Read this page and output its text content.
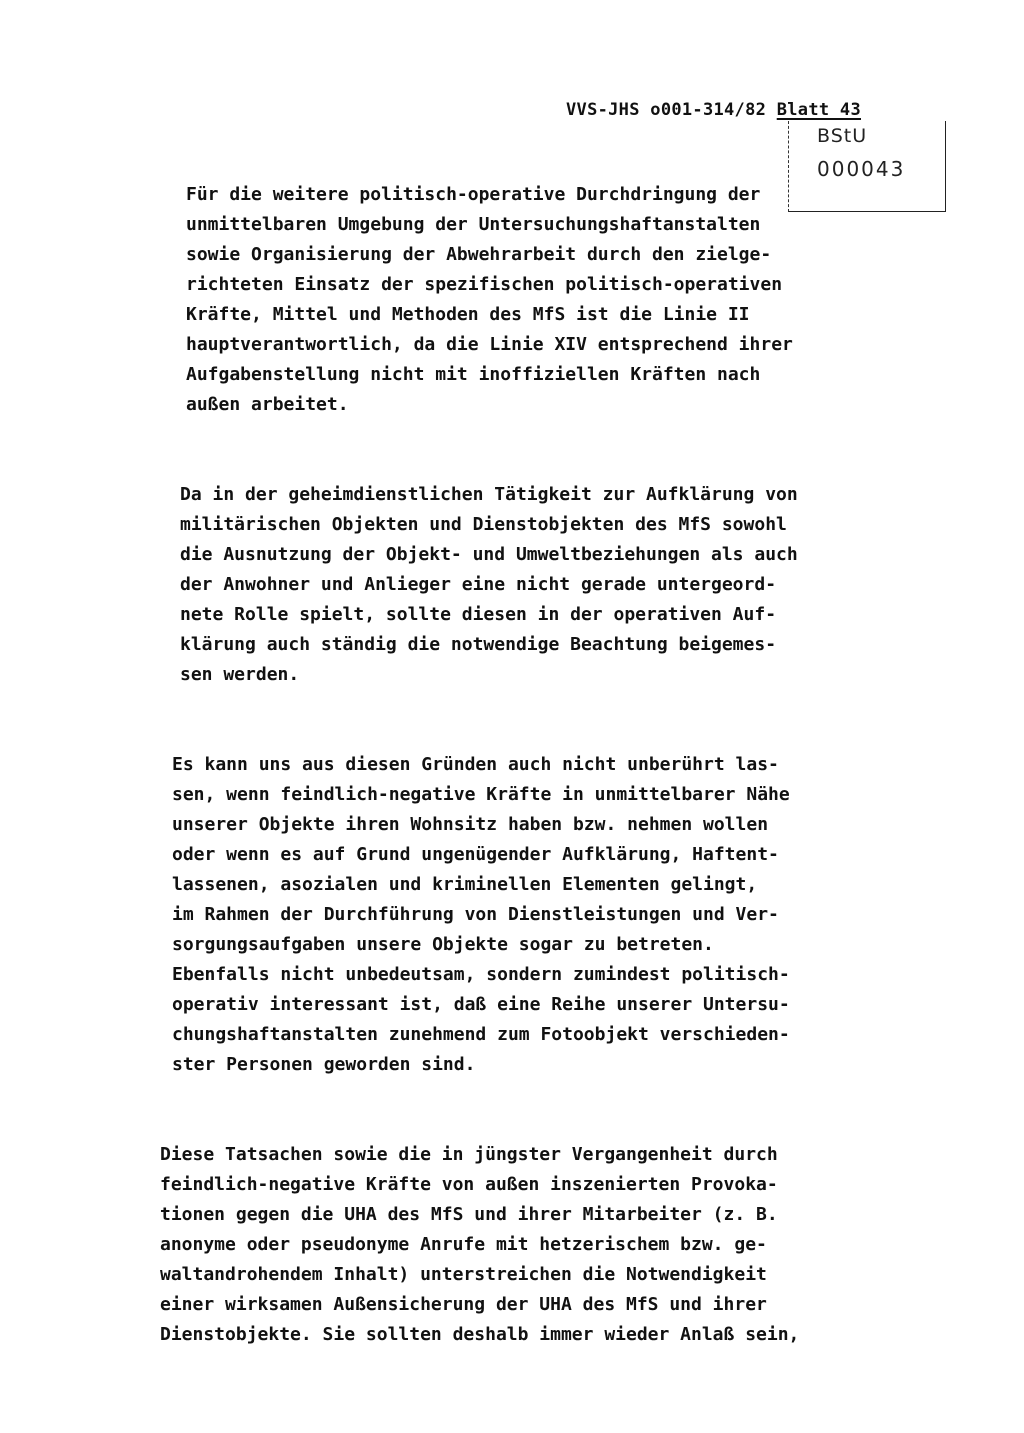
VVS-JHS o001-314/82 Blatt 43
BStU
000043
Für die weitere politisch-operative Durchdringung der
unmittelbaren Umgebung der Untersuchungshaftanstalten
sowie Organisierung der Abwehrarbeit durch den zielge-
richteten Einsatz der spezifischen politisch-operativen
Kräfte, Mittel und Methoden des MfS ist die Linie II
hauptverantwortlich, da die Linie XIV entsprechend ihrer
Aufgabenstellung nicht mit inoffiziellen Kräften nach
außen arbeitet.
Da in der geheimdienstlichen Tätigkeit zur Aufklärung von
militärischen Objekten und Dienstobjekten des MfS sowohl
die Ausnutzung der Objekt- und Umweltbeziehungen als auch
der Anwohner und Anlieger eine nicht gerade untergeord-
nete Rolle spielt, sollte diesen in der operativen Auf-
klärung auch ständig die notwendige Beachtung beigemes-
sen werden.
Es kann uns aus diesen Gründen auch nicht unberührt las-
sen, wenn feindlich-negative Kräfte in unmittelbarer Nähe
unserer Objekte ihren Wohnsitz haben bzw. nehmen wollen
oder wenn es auf Grund ungenügender Aufklärung, Haftent-
lassenen, asozialen und kriminellen Elementen gelingt,
im Rahmen der Durchführung von Dienstleistungen und Ver-
sorgungsaufgaben unsere Objekte sogar zu betreten.
Ebenfalls nicht unbedeutsam, sondern zumindest politisch-
operativ interessant ist, daß eine Reihe unserer Untersu-
chungshaftanstalten zunehmend zum Fotoobjekt verschieden-
ster Personen geworden sind.
Diese Tatsachen sowie die in jüngster Vergangenheit durch
feindlich-negative Kräfte von außen inszenierten Provoka-
tionen gegen die UHA des MfS und ihrer Mitarbeiter (z. B.
anonyme oder pseudonyme Anrufe mit hetzerischem bzw. ge-
waltandrohendem Inhalt) unterstreichen die Notwendigkeit
einer wirksamen Außensicherung der UHA des MfS und ihrer
Dienstobjekte. Sie sollten deshalb immer wieder Anlaß sein,
